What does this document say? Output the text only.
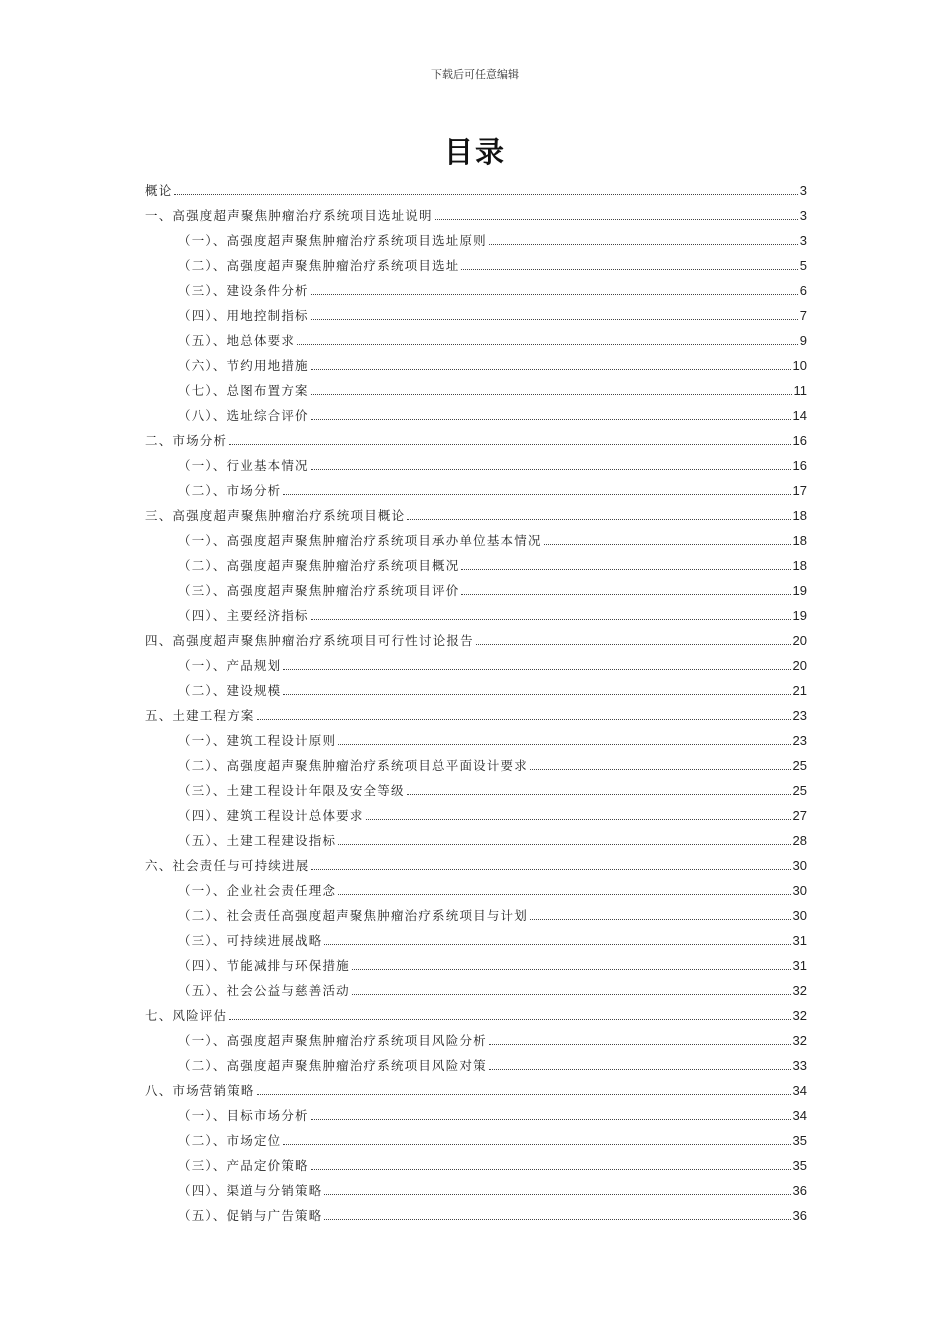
下载后可任意编辑
目录
概论	3
一、高强度超声聚焦肿瘤治疗系统项目选址说明	3
（一）、高强度超声聚焦肿瘤治疗系统项目选址原则	3
（二）、高强度超声聚焦肿瘤治疗系统项目选址	5
（三）、建设条件分析	6
（四）、用地控制指标	7
（五）、地总体要求	9
（六）、节约用地措施	10
（七）、总图布置方案	11
（八）、选址综合评价	14
二、市场分析	16
（一）、行业基本情况	16
（二）、市场分析	17
三、高强度超声聚焦肿瘤治疗系统项目概论	18
（一）、高强度超声聚焦肿瘤治疗系统项目承办单位基本情况	18
（二）、高强度超声聚焦肿瘤治疗系统项目概况	18
（三）、高强度超声聚焦肿瘤治疗系统项目评价	19
（四）、主要经济指标	19
四、高强度超声聚焦肿瘤治疗系统项目可行性讨论报告	20
（一）、产品规划	20
（二）、建设规模	21
五、土建工程方案	23
（一）、建筑工程设计原则	23
（二）、高强度超声聚焦肿瘤治疗系统项目总平面设计要求	25
（三）、土建工程设计年限及安全等级	25
（四）、建筑工程设计总体要求	27
（五）、土建工程建设指标	28
六、社会责任与可持续进展	30
（一）、企业社会责任理念	30
（二）、社会责任高强度超声聚焦肿瘤治疗系统项目与计划	30
（三）、可持续进展战略	31
（四）、节能减排与环保措施	31
（五）、社会公益与慈善活动	32
七、风险评估	32
（一）、高强度超声聚焦肿瘤治疗系统项目风险分析	32
（二）、高强度超声聚焦肿瘤治疗系统项目风险对策	33
八、市场营销策略	34
（一）、目标市场分析	34
（二）、市场定位	35
（三）、产品定价策略	35
（四）、渠道与分销策略	36
（五）、促销与广告策略	36
